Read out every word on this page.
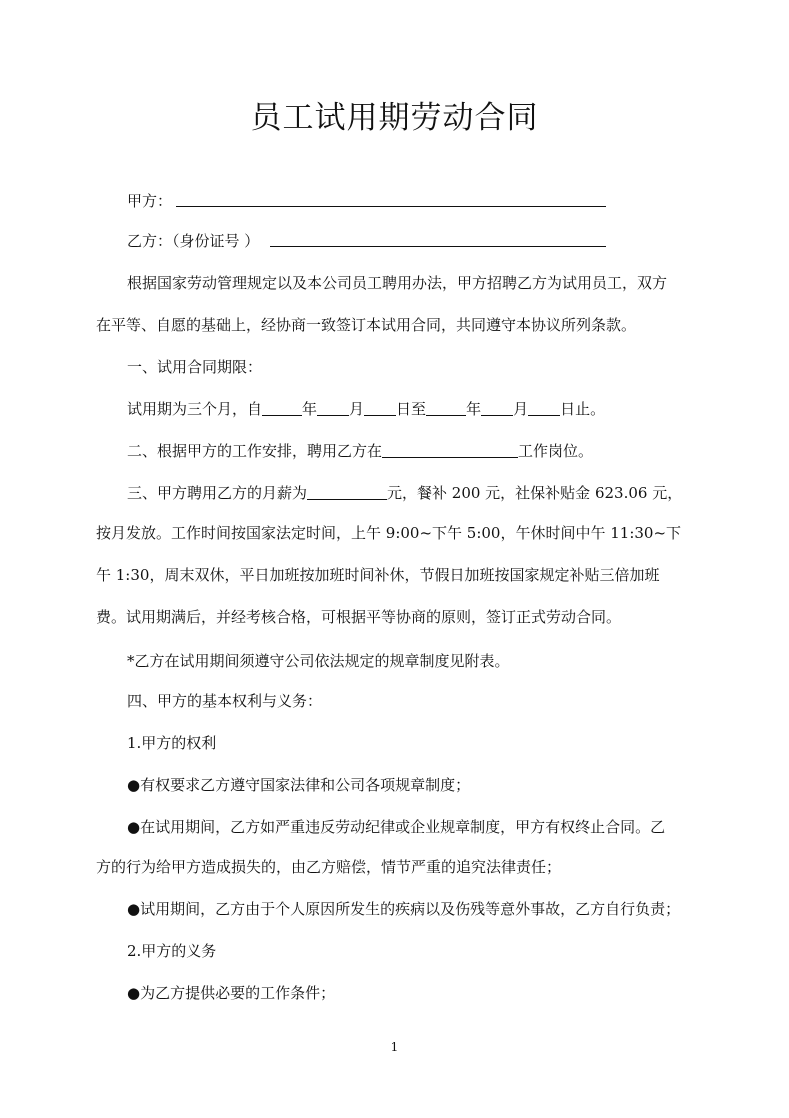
员工试用期劳动合同
甲方：
乙方：（身份证号 ）
根据国家劳动管理规定以及本公司员工聘用办法，甲方招聘乙方为试用员工，双方
在平等、自愿的基础上，经协商一致签订本试用合同，共同遵守本协议所列条款。
一、试用合同期限：
试用期为三个月，自	年 月 日至	年 月 日止。
二、根据甲方的工作安排，聘用乙方在	工作岗位。
三、甲方聘用乙方的月薪为	元，餐补 200 元，社保补贴金 623.06 元，
按月发放。工作时间按国家法定时间，上午 9:00~下午 5:00，午休时间中午 11:30~下
午 1:30，周末双休，平日加班按加班时间补休，节假日加班按国家规定补贴三倍加班
费。试用期满后，并经考核合格，可根据平等协商的原则，签订正式劳动合同。
*乙方在试用期间须遵守公司依法规定的规章制度见附表。
四、甲方的基本权利与义务：
1.甲方的权利
●有权要求乙方遵守国家法律和公司各项规章制度；
●在试用期间，乙方如严重违反劳动纪律或企业规章制度，甲方有权终止合同。乙
方的行为给甲方造成损失的，由乙方赔偿，情节严重的追究法律责任；
●试用期间，乙方由于个人原因所发生的疾病以及伤残等意外事故，乙方自行负责；
2.甲方的义务
●为乙方提供必要的工作条件；
1
